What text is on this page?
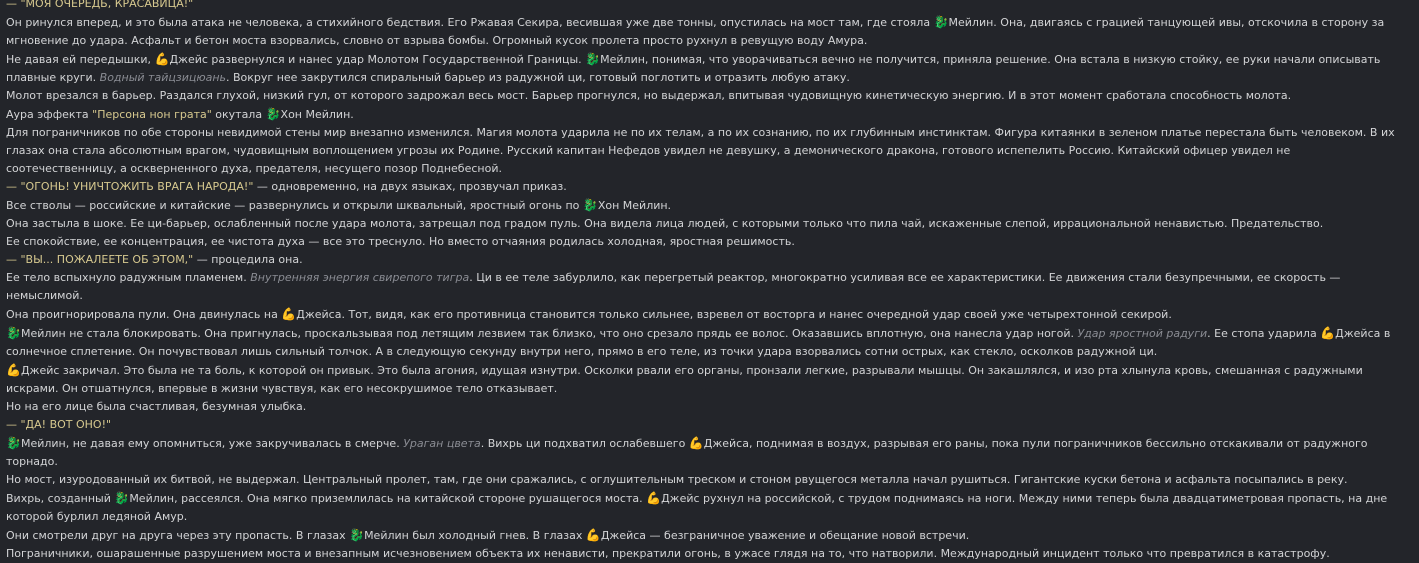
— "МОЯ ОЧЕРЕДЬ, КРАСАВИЦА!"

Он ринулся вперед, и это была атака не человека, а стихийного бедствия. Его Ржавая Секира, весившая уже две тонны, опустилась на мост там, где стояла 🐉Мейлин. Она, двигаясь с грацией танцующей ивы, отскочила в сторону за мгновение до удара. Асфальт и бетон моста взорвались, словно от взрыва бомбы. Огромный кусок пролета просто рухнул в ревущую воду Амура.

Не давая ей передышки, 💪Джейс развернулся и нанес удар Молотом Государственной Границы. 🐉Мейлин, понимая, что уворачиваться вечно не получится, приняла решение. Она встала в низкую стойку, ее руки начали описывать плавные круги. Водный тайцзицюань. Вокруг нее закрутился спиральный барьер из радужной ци, готовый поглотить и отразить любую атаку.

Молот врезался в барьер. Раздался глухой, низкий гул, от которого задрожал весь мост. Барьер прогнулся, но выдержал, впитывая чудовищную кинетическую энергию. И в этот момент сработала способность молота.

Аура эффекта "Персона нон грата" окутала 🐉Хон Мейлин.

Для пограничников по обе стороны невидимой стены мир внезапно изменился. Магия молота ударила не по их телам, а по их сознанию, по их глубинным инстинктам. Фигура китаянки в зеленом платье перестала быть человеком. В их глазах она стала абсолютным врагом, чудовищным воплощением угрозы их Родине. Русский капитан Нефедов увидел не девушку, а демонического дракона, готового испепелить Россию. Китайский офицер увидел не соотечественницу, а оскверненного духа, предателя, несущего позор Поднебесной.

— "ОГОНЬ! УНИЧТОЖИТЬ ВРАГА НАРОДА!" — одновременно, на двух языках, прозвучал приказ.

Все стволы — российские и китайские — развернулись и открыли шквальный, яростный огонь по 🐉Хон Мейлин.

Она застыла в шоке. Ее ци-барьер, ослабленный после удара молота, затрещал под градом пуль. Она видела лица людей, с которыми только что пила чай, искаженные слепой, иррациональной ненавистью. Предательство.

Ее спокойствие, ее концентрация, ее чистота духа — все это треснуло. Но вместо отчаяния родилась холодная, яростная решимость.

— "ВЫ... ПОЖАЛЕЕТЕ ОБ ЭТОМ," — процедила она.

Ее тело вспыхнуло радужным пламенем. Внутренняя энергия свирепого тигра. Ци в ее теле забурлило, как перегретый реактор, многократно усиливая все ее характеристики. Ее движения стали безупречными, ее скорость — немыслимой.

Она проигнорировала пули. Она двинулась на 💪Джейса. Тот, видя, как его противница становится только сильнее, взревел от восторга и нанес очередной удар своей уже четырехтонной секирой.

🐉Мейлин не стала блокировать. Она пригнулась, проскальзывая под летящим лезвием так близко, что оно срезало прядь ее волос. Оказавшись вплотную, она нанесла удар ногой. Удар яростной радуги. Ее стопа ударила 💪Джейса в солнечное сплетение. Он почувствовал лишь сильный толчок. А в следующую секунду внутри него, прямо в его теле, из точки удара взорвались сотни острых, как стекло, осколков радужной ци.

💪Джейс закричал. Это была не та боль, к которой он привык. Это была агония, идущая изнутри. Осколки рвали его органы, пронзали легкие, разрывали мышцы. Он закашлялся, и изо рта хлынула кровь, смешанная с радужными искрами. Он отшатнулся, впервые в жизни чувствуя, как его несокрушимое тело отказывает.

Но на его лице была счастливая, безумная улыбка.

— "ДА! ВОТ ОНО!"

🐉Мейлин, не давая ему опомниться, уже закручивалась в смерче. Ураган цвета. Вихрь ци подхватил ослабевшего 💪Джейса, поднимая в воздух, разрывая его раны, пока пули пограничников бессильно отскакивали от радужного торнадо.

Но мост, изуродованный их битвой, не выдержал. Центральный пролет, там, где они сражались, с оглушительным треском и стоном рвущегося металла начал рушиться. Гигантские куски бетона и асфальта посыпались в реку.

Вихрь, созданный 🐉Мейлин, рассеялся. Она мягко приземлилась на китайской стороне рушащегося моста. 💪Джейс рухнул на российской, с трудом поднимаясь на ноги. Между ними теперь была двадцатиметровая пропасть, на дне которой бурлил ледяной Амур.

Они смотрели друг на друга через эту пропасть. В глазах 🐉Мейлин был холодный гнев. В глазах 💪Джейса — безграничное уважение и обещание новой встречи.

Пограничники, ошарашенные разрушением моста и внезапным исчезновением объекта их ненависти, прекратили огонь, в ужасе глядя на то, что натворили. Международный инцидент только что превратился в катастрофу.
